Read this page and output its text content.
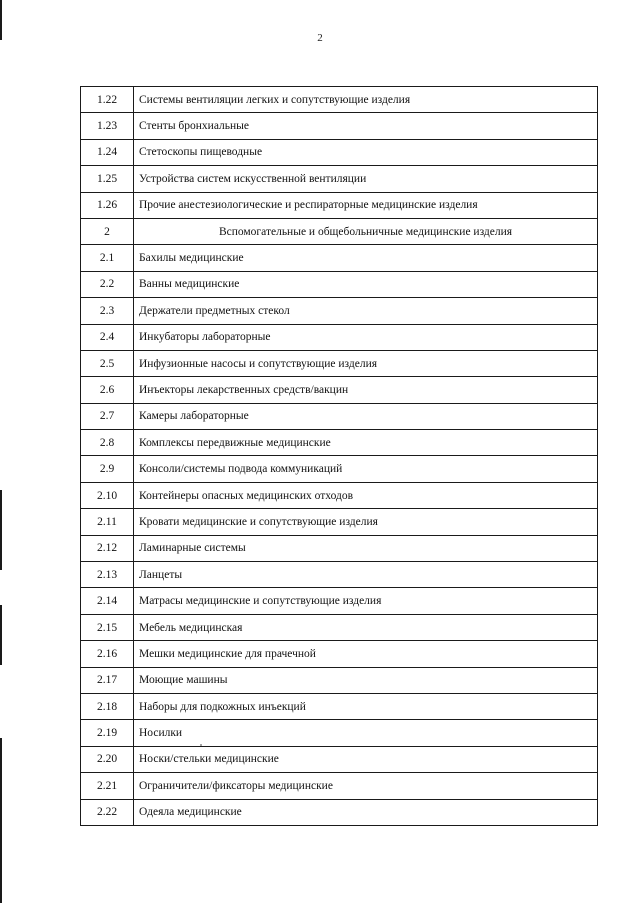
2
1.22	Системы вентиляции легких и сопутствующие изделия
1.23	Стенты бронхиальные
1.24	Стетоскопы пищеводные
1.25	Устройства систем искусственной вентиляции
1.26	Прочие анестезиологические и респираторные медицинские изделия
2	Вспомогательные и общебольничные медицинские изделия
2.1	Бахилы медицинские
2.2	Ванны медицинские
2.3	Держатели предметных стекол
2.4	Инкубаторы лабораторные
2.5	Инфузионные насосы и сопутствующие изделия
2.6	Инъекторы лекарственных средств/вакцин
2.7	Камеры лабораторные
2.8	Комплексы передвижные медицинские
2.9	Консоли/системы подвода коммуникаций
2.10	Контейнеры опасных медицинских отходов
2.11	Кровати медицинские и сопутствующие изделия
2.12	Ламинарные системы
2.13	Ланцеты
2.14	Матрасы медицинские и сопутствующие изделия
2.15	Мебель медицинская
2.16	Мешки медицинские для прачечной
2.17	Моющие машины
2.18	Наборы для подкожных инъекций
2.19	Носилки
2.20	Носки/стельки медицинские
2.21	Ограничители/фиксаторы медицинские
2.22	Одеяла медицинские
